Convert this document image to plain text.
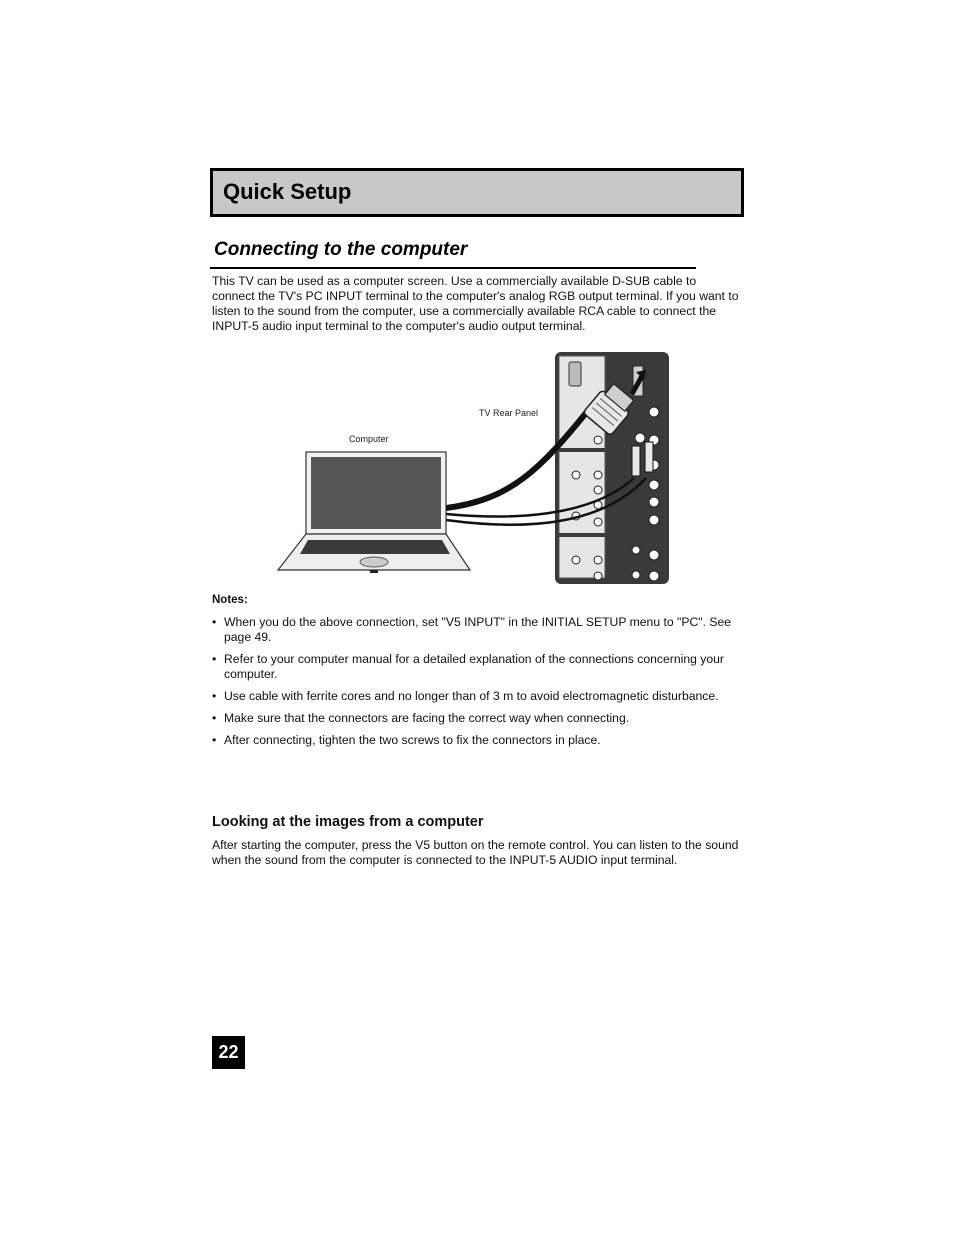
Quick Setup
Connecting to the computer

This TV can be used as a computer screen. Use a commercially available D-SUB cable to connect the TV's PC INPUT terminal to the computer's analog RGB output terminal. If you want to listen to the sound from the computer, use a commercially available RCA cable to connect the INPUT-5 audio input terminal to the computer's audio output terminal.

Computer
TV Rear Panel

Notes:

• When you do the above connection, set "V5 INPUT" in the INITIAL SETUP menu to "PC". See page 49.
• Refer to your computer manual for a detailed explanation of the connections concerning your computer.
• Use cable with ferrite cores and no longer than of 3 m to avoid electromagnetic disturbance.
• Make sure that the connectors are facing the correct way when connecting.
• After connecting, tighten the two screws to fix the connectors in place.
Looking at the images from a computer

After starting the computer, press the V5 button on the remote control. You can listen to the sound when the sound from the computer is connected to the INPUT-5 AUDIO input terminal.

22
